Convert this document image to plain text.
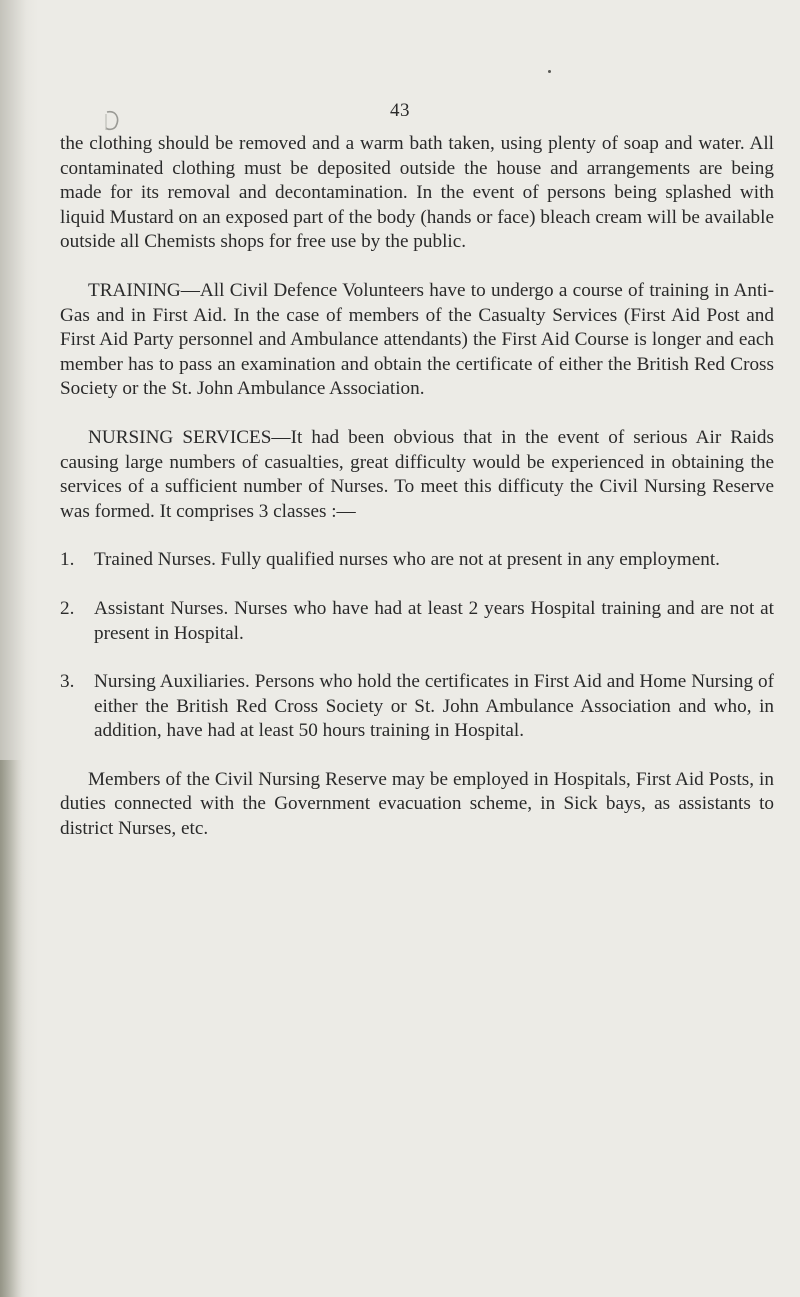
43

the clothing should be removed and a warm bath taken, using plenty of soap and water. All contaminated clothing must be deposited outside the house and arrangements are being made for its removal and decontamination. In the event of persons being splashed with liquid Mustard on an exposed part of the body (hands or face) bleach cream will be available outside all Chemists shops for free use by the public.

TRAINING—All Civil Defence Volunteers have to undergo a course of training in Anti-Gas and in First Aid. In the case of members of the Casualty Services (First Aid Post and First Aid Party personnel and Ambulance attendants) the First Aid Course is longer and each member has to pass an examination and obtain the certificate of either the British Red Cross Society or the St. John Ambulance Association.

NURSING SERVICES—It had been obvious that in the event of serious Air Raids causing large numbers of casualties, great difficulty would be experienced in obtaining the services of a sufficient number of Nurses. To meet this difficuty the Civil Nursing Reserve was formed. It comprises 3 classes :—

1. Trained Nurses. Fully qualified nurses who are not at present in any employment.

2. Assistant Nurses. Nurses who have had at least 2 years Hospital training and are not at present in Hospital.

3. Nursing Auxiliaries. Persons who hold the certificates in First Aid and Home Nursing of either the British Red Cross Society or St. John Ambulance Association and who, in addition, have had at least 50 hours training in Hospital.

Members of the Civil Nursing Reserve may be employed in Hospitals, First Aid Posts, in duties connected with the Government evacuation scheme, in Sick bays, as assistants to district Nurses, etc.
